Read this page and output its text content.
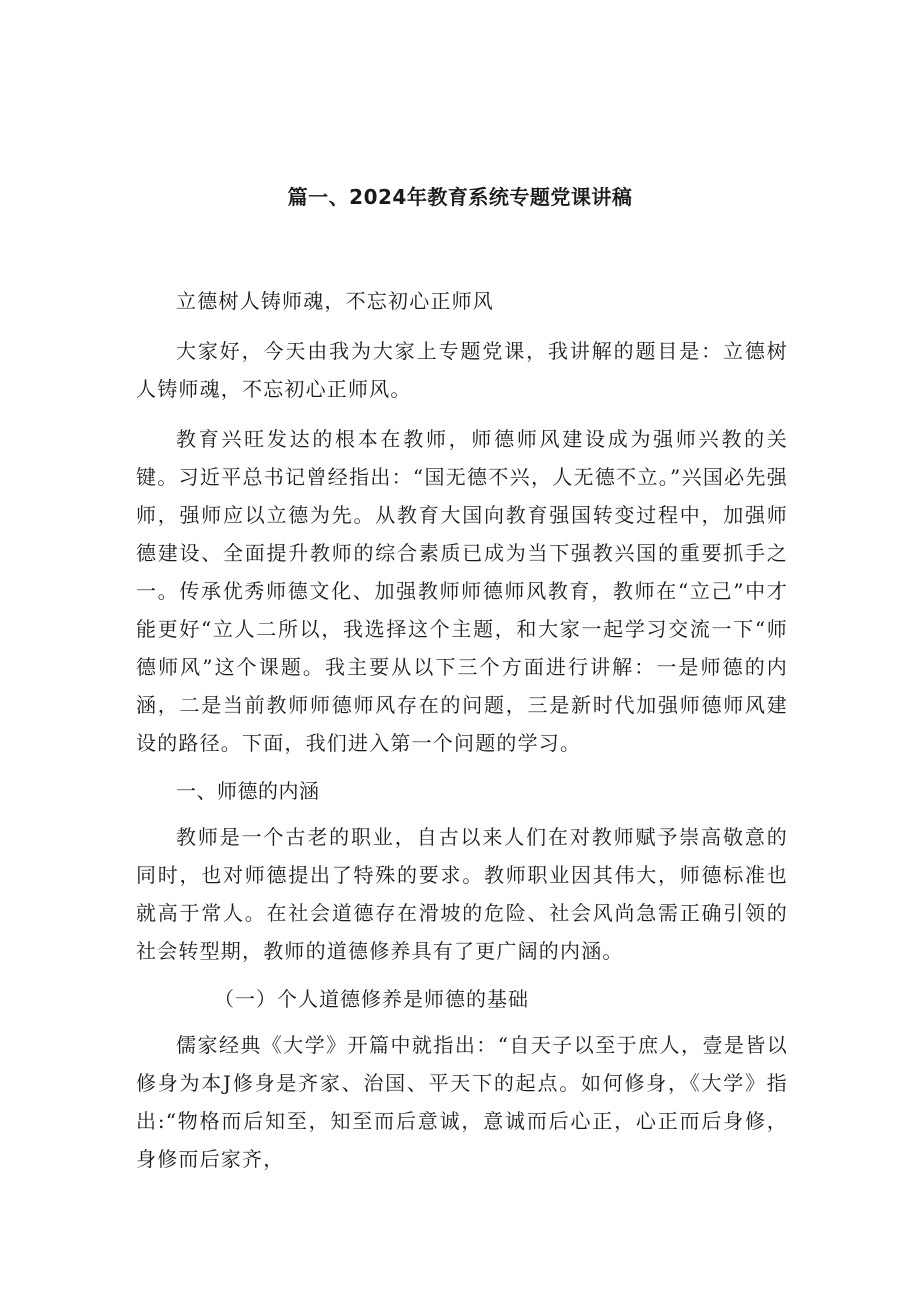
篇一、2024年教育系统专题党课讲稿

立德树人铸师魂，不忘初心正师风

大家好，今天由我为大家上专题党课，我讲解的题目是：立德树人铸师魂，不忘初心正师风。

教育兴旺发达的根本在教师，师德师风建设成为强师兴教的关键。习近平总书记曾经指出：“国无德不兴，人无德不立。”兴国必先强师，强师应以立德为先。从教育大国向教育强国转变过程中，加强师德建设、全面提升教师的综合素质已成为当下强教兴国的重要抓手之一。传承优秀师德文化、加强教师师德师风教育，教师在“立己”中才能更好“立人二所以，我选择这个主题，和大家一起学习交流一下“师德师风”这个课题。我主要从以下三个方面进行讲解：一是师德的内涵，二是当前教师师德师风存在的问题，三是新时代加强师德师风建设的路径。下面，我们进入第一个问题的学习。

一、师德的内涵

教师是一个古老的职业，自古以来人们在对教师赋予崇高敬意的同时，也对师德提出了特殊的要求。教师职业因其伟大，师德标准也就高于常人。在社会道德存在滑坡的危险、社会风尚急需正确引领的社会转型期，教师的道德修养具有了更广阔的内涵。

（一）个人道德修养是师德的基础

儒家经典《大学》开篇中就指出：“自天子以至于庶人，壹是皆以修身为本J修身是齐家、治国、平天下的起点。如何修身，《大学》指出:“物格而后知至，知至而后意诚，意诚而后心正，心正而后身修，身修而后家齐，
